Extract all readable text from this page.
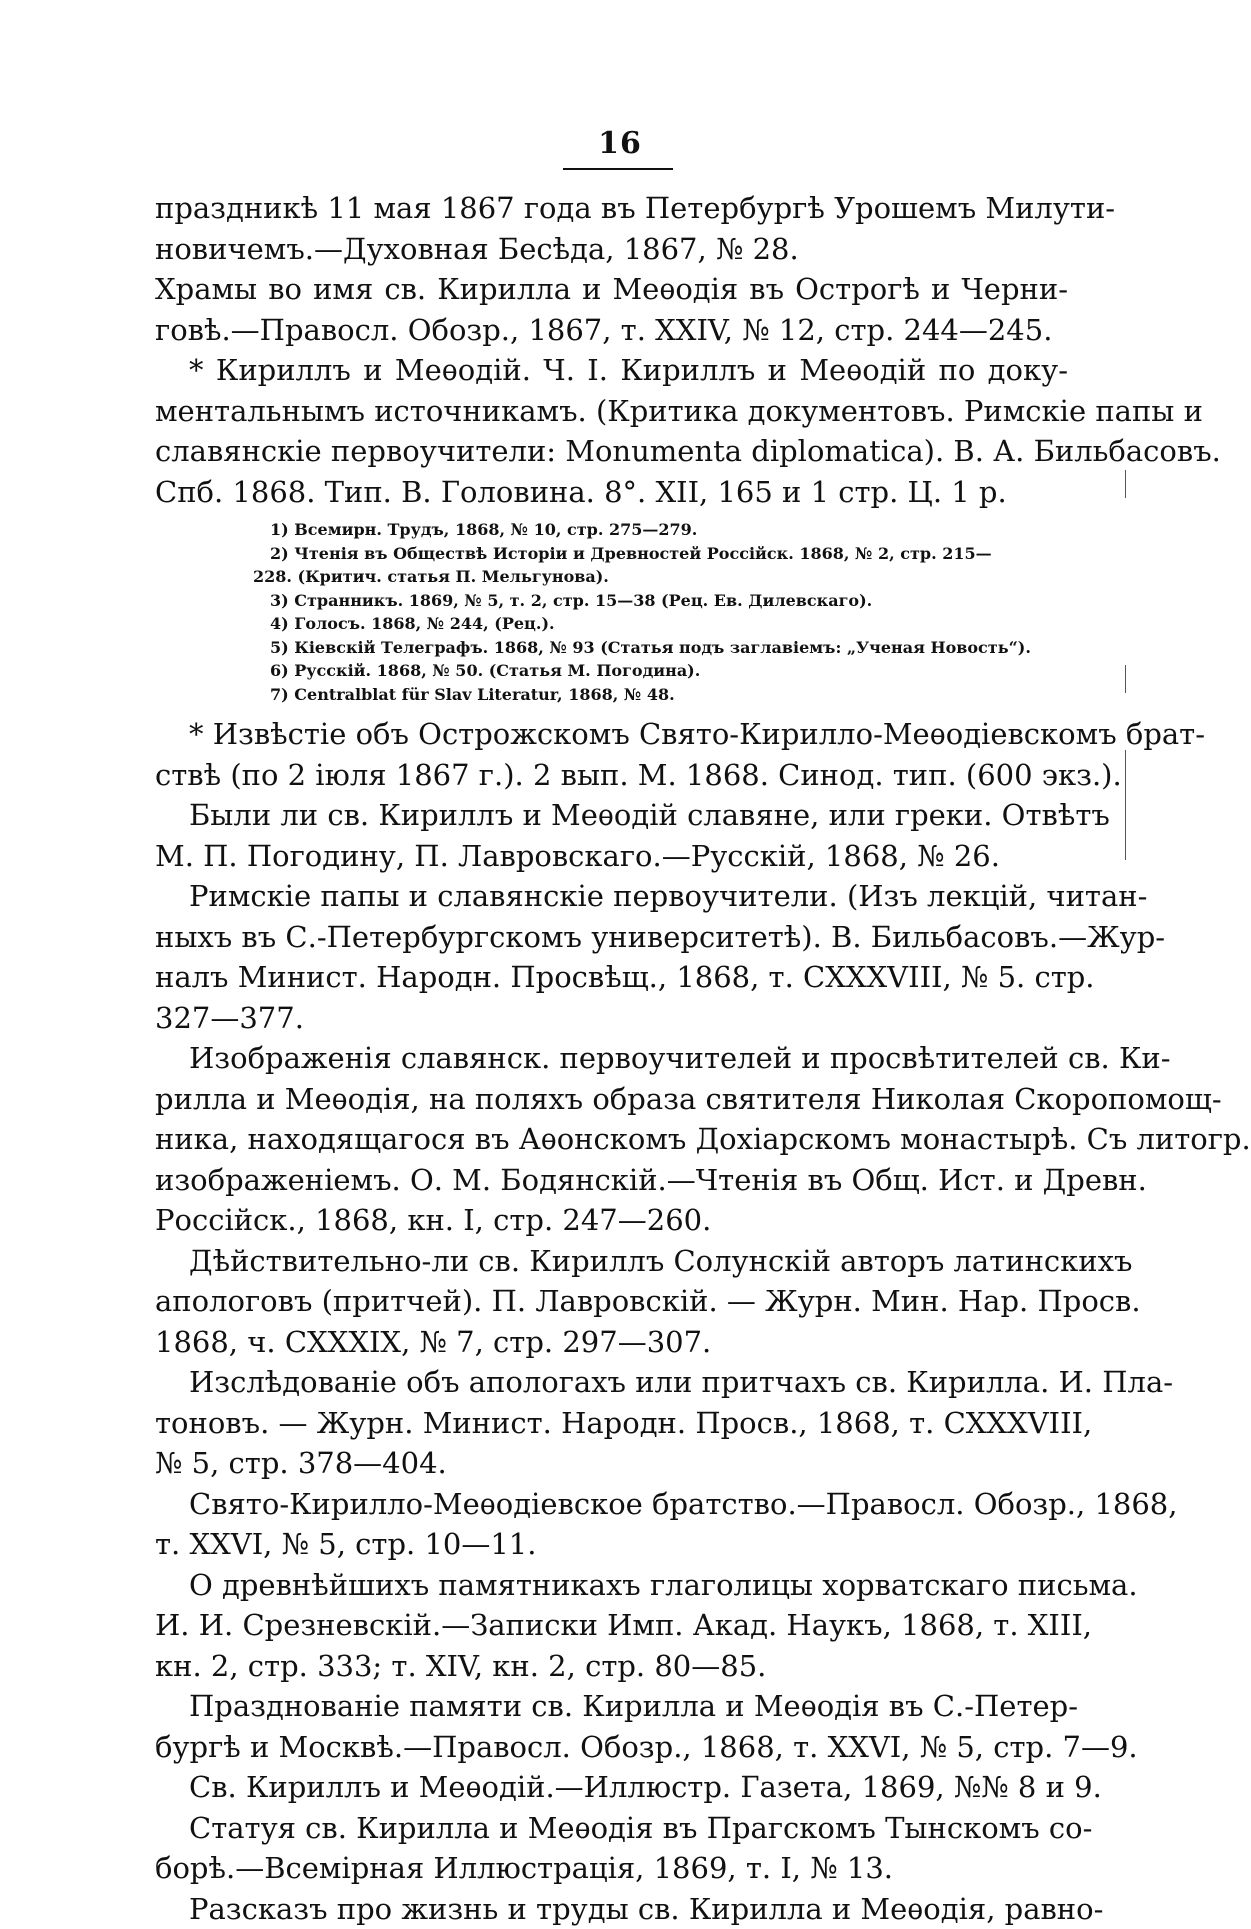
16
праздникѣ 11 мая 1867 года въ Петербургѣ Урошемъ Милути-
новичемъ.—Духовная Бесѣда, 1867, № 28.
Храмы во имя св. Кирилла и Меѳодія въ Острогѣ и Черни-
говѣ.—Правосл. Обозр., 1867, т. XXIV, № 12, стр. 244—245.
* Кириллъ и Меѳодій. Ч. I. Кириллъ и Меѳодій по доку-
ментальнымъ источникамъ. (Критика документовъ. Римскіе папы и
славянскіе первоучители: Monumenta diplomatica). В. А. Бильбасовъ.
Спб. 1868. Тип. В. Головина. 8°. XII, 165 и 1 стр. Ц. 1 р.
1) Всемирн. Трудъ, 1868, № 10, стр. 275—279.
2) Чтенія въ Обществѣ Исторіи и Древностей Россійск. 1868, № 2, стр. 215—
228. (Критич. статья П. Мельгунова).
3) Странникъ. 1869, № 5, т. 2, стр. 15—38 (Рец. Ев. Дилевскаго).
4) Голосъ. 1868, № 244, (Рец.).
5) Кіевскій Телеграфъ. 1868, № 93 (Статья подъ заглавіемъ: „Ученая Новость“).
6) Русскій. 1868, № 50. (Статья М. Погодина).
7) Centralblat für Slav Literatur, 1868, № 48.
* Извѣстіе объ Острожскомъ Свято-Кирилло-Меѳодіевскомъ брат-
ствѣ (по 2 іюля 1867 г.). 2 вып. М. 1868. Синод. тип. (600 экз.).
Были ли св. Кириллъ и Меѳодій славяне, или греки. Отвѣтъ
М. П. Погодину, П. Лавровскаго.—Русскій, 1868, № 26.
Римскіе папы и славянскіе первоучители. (Изъ лекцій, читан-
ныхъ въ С.-Петербургскомъ университетѣ). В. Бильбасовъ.—Жур-
налъ Минист. Народн. Просвѣщ., 1868, т. CXXXVIII, № 5. стр.
327—377.
Изображенія славянск. первоучителей и просвѣтителей св. Ки-
рилла и Меѳодія, на поляхъ образа святителя Николая Скоропомощ-
ника, находящагося въ Аѳонскомъ Дохіарскомъ монастырѣ. Съ литогр.
изображеніемъ. О. М. Бодянскій.—Чтенія въ Общ. Ист. и Древн.
Россійск., 1868, кн. I, стр. 247—260.
Дѣйствительно-ли св. Кириллъ Солунскій авторъ латинскихъ
апологовъ (притчей). П. Лавровскій. — Журн. Мин. Нар. Просв.
1868, ч. CXXXIX, № 7, стр. 297—307.
Изслѣдованіе объ апологахъ или притчахъ св. Кирилла. И. Пла-
тоновъ. — Журн. Минист. Народн. Просв., 1868, т. CXXXVIII,
№ 5, стр. 378—404.
Свято-Кирилло-Меѳодіевское братство.—Правосл. Обозр., 1868,
т. XXVI, № 5, стр. 10—11.
О древнѣйшихъ памятникахъ глаголицы хорватскаго письма.
И. И. Срезневскій.—Записки Имп. Акад. Наукъ, 1868, т. XIII,
кн. 2, стр. 333; т. XIV, кн. 2, стр. 80—85.
Празднованіе памяти св. Кирилла и Меѳодія въ С.-Петер-
бургѣ и Москвѣ.—Правосл. Обозр., 1868, т. XXVI, № 5, стр. 7—9.
Св. Кириллъ и Меѳодій.—Иллюстр. Газета, 1869, №№ 8 и 9.
Статуя св. Кирилла и Меѳодія въ Прагскомъ Тынскомъ со-
борѣ.—Всемірная Иллюстрація, 1869, т. I, № 13.
Разсказъ про жизнь и труды св. Кирилла и Меѳодія, равно-
